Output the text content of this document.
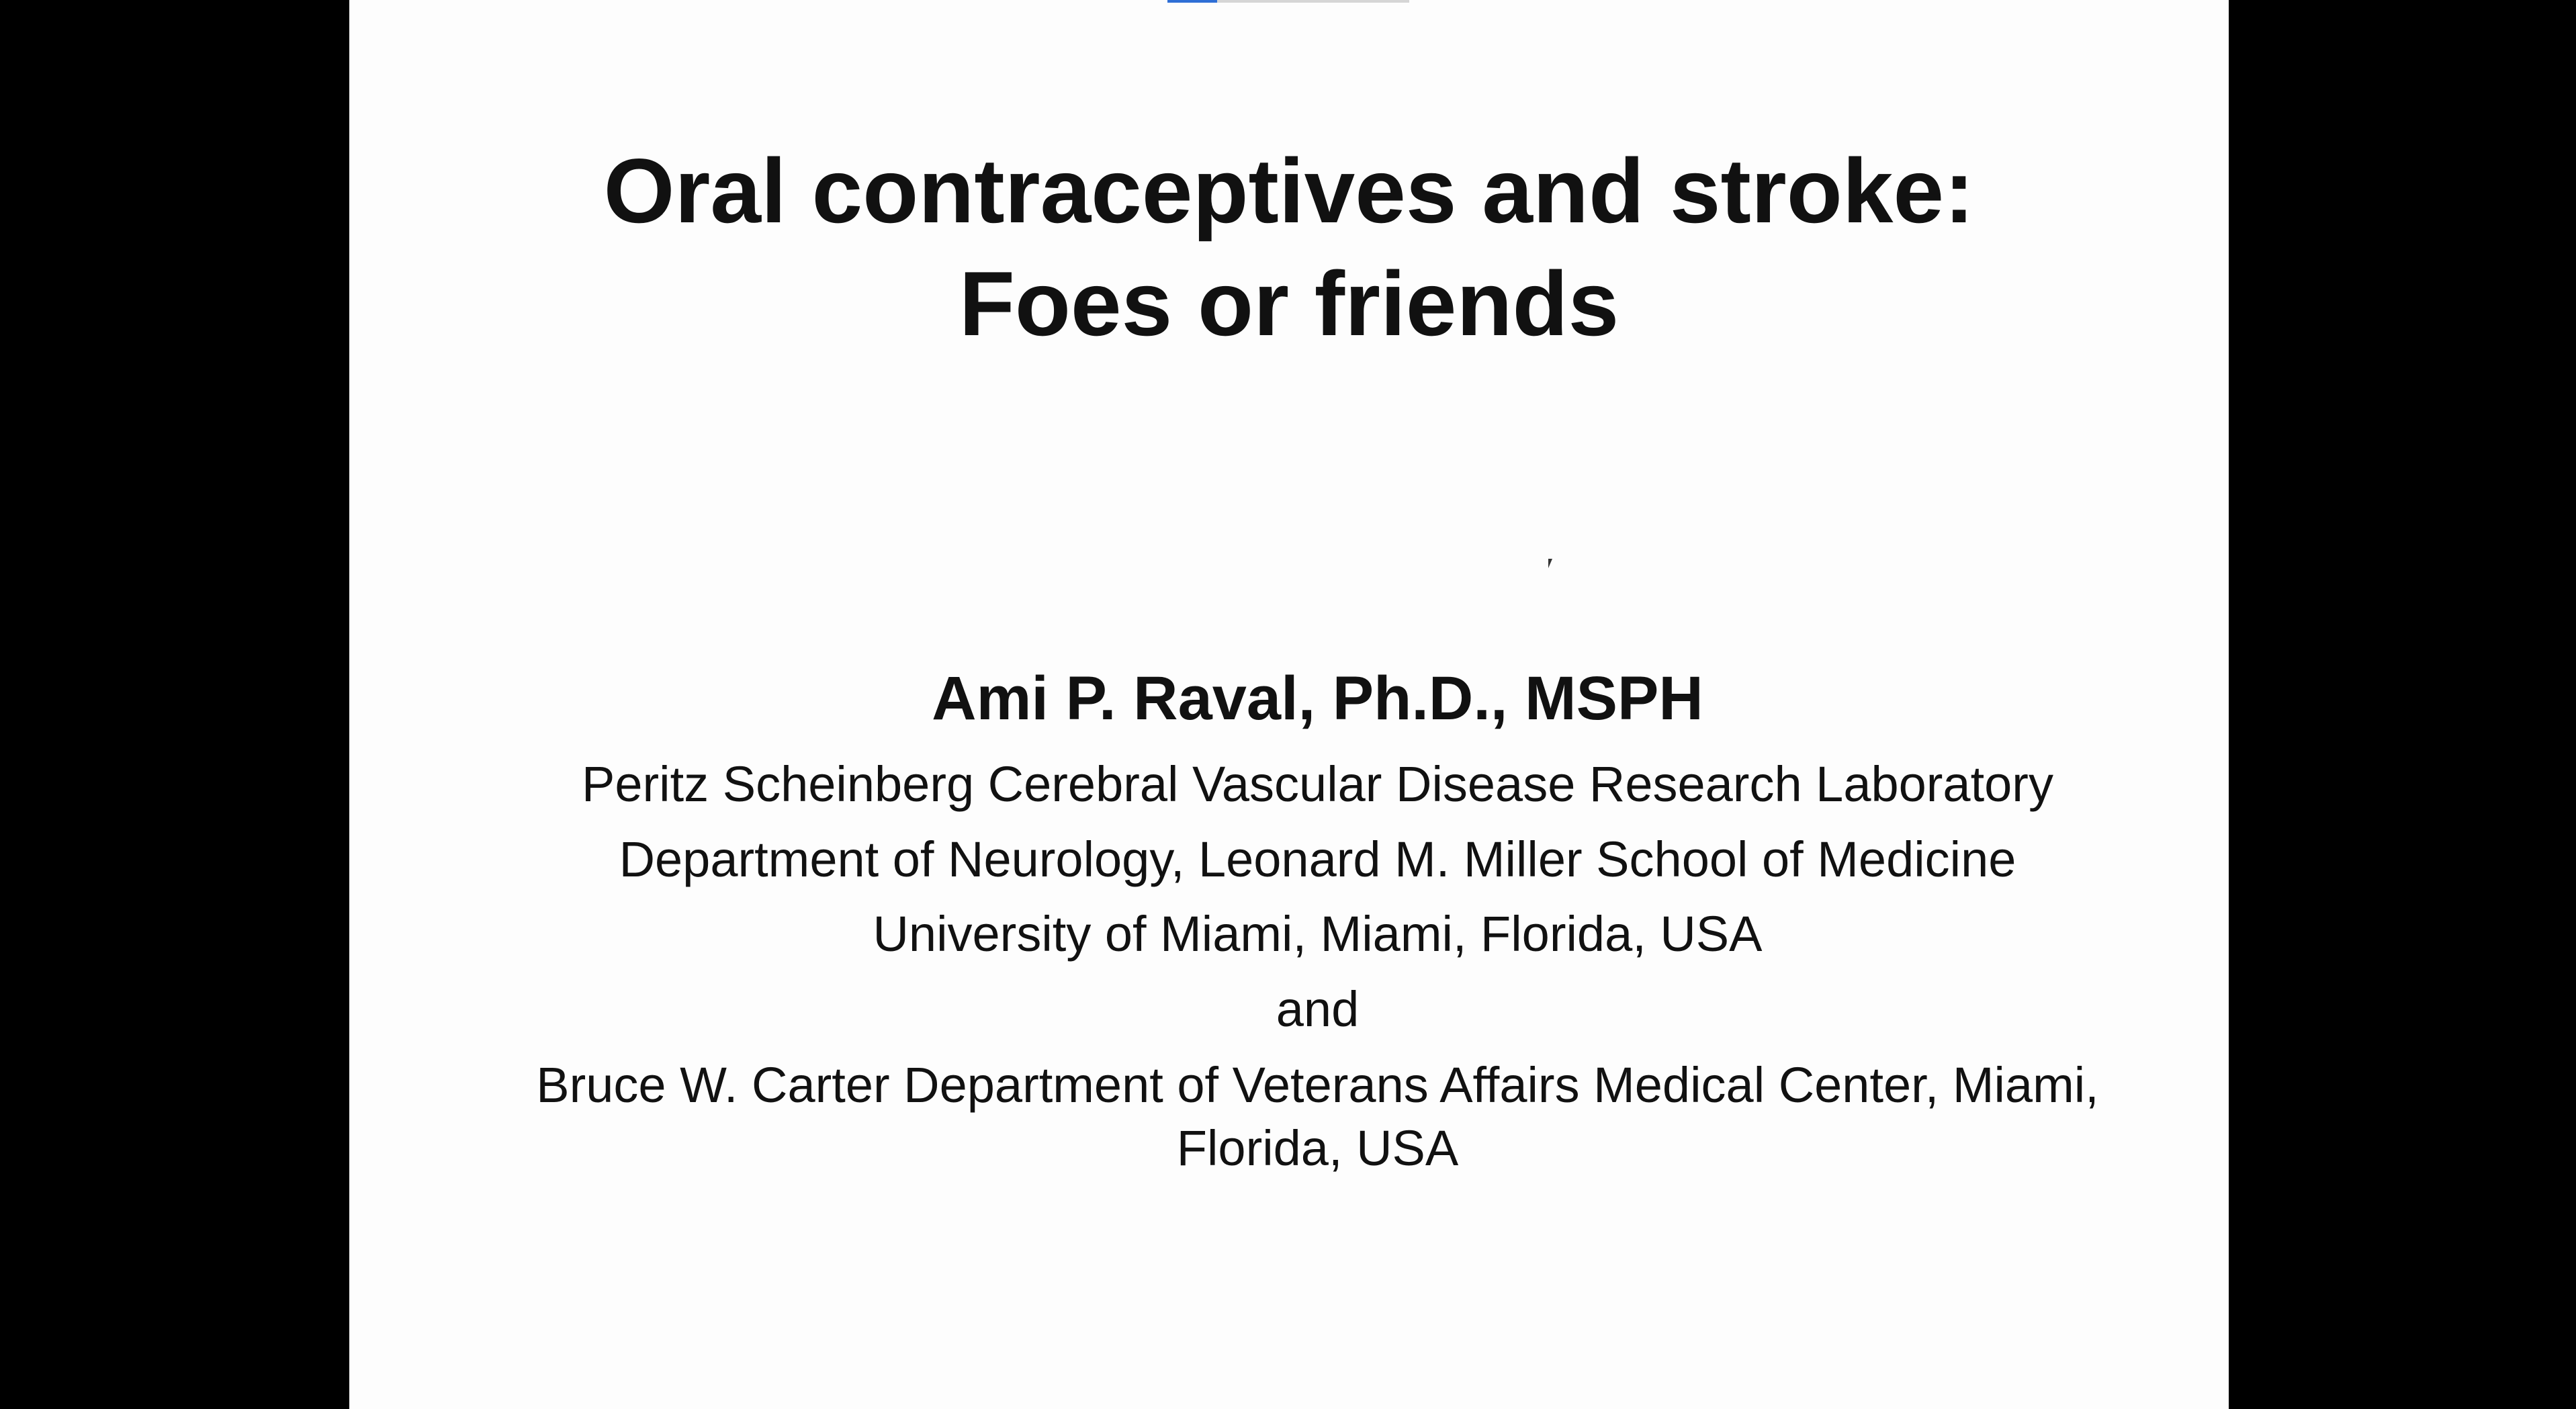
Oral contraceptives and stroke:
Foes or friends
Ami P. Raval, Ph.D., MSPH
Peritz Scheinberg Cerebral Vascular Disease Research Laboratory
Department of Neurology, Leonard M. Miller School of Medicine
University of Miami, Miami, Florida, USA
and
Bruce W. Carter Department of Veterans Affairs Medical Center, Miami,
Florida, USA
